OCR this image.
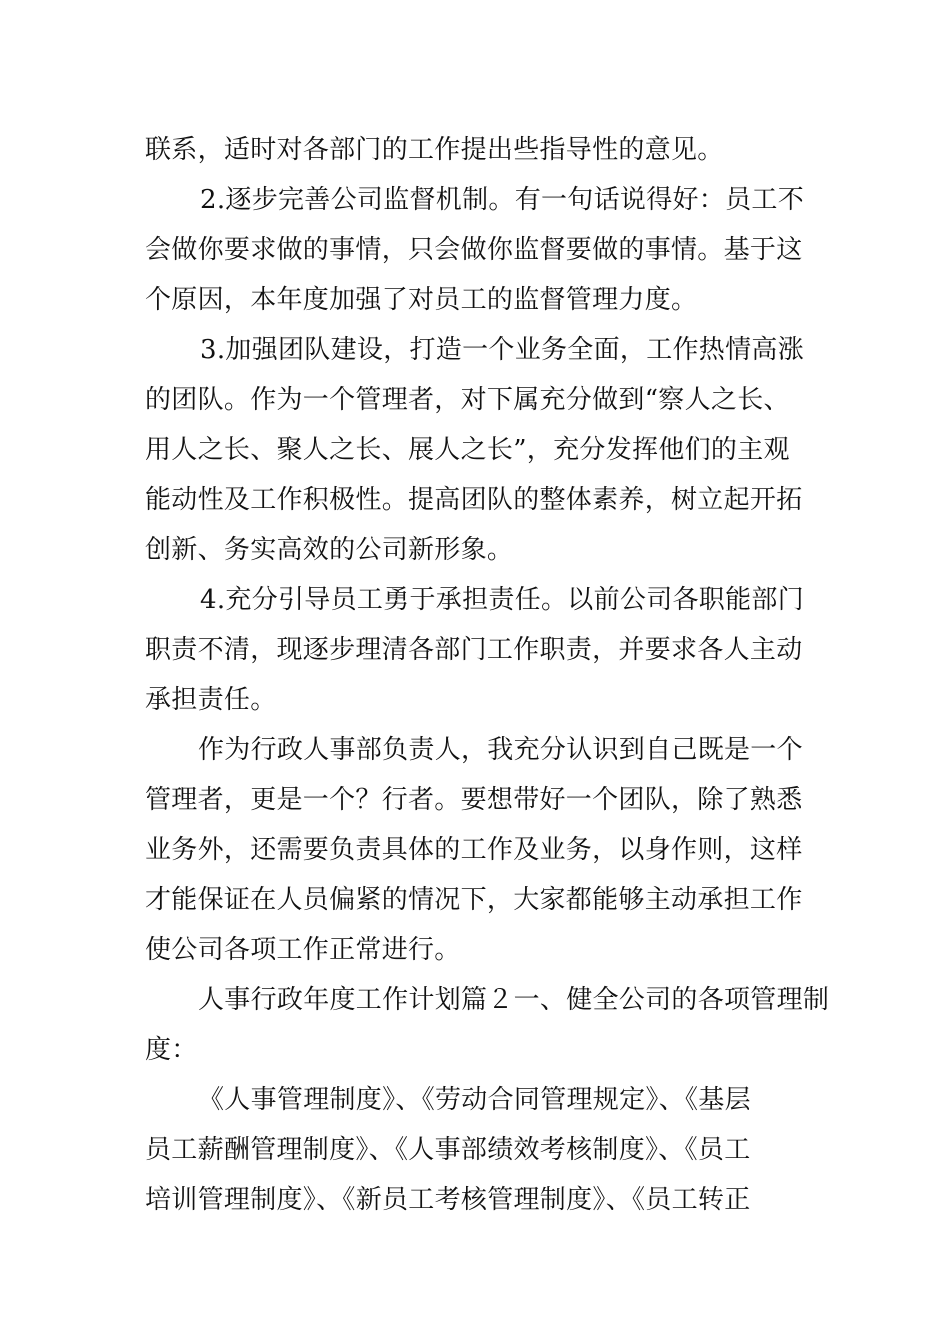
联系，适时对各部门的工作提出些指导性的意见。
2.逐步完善公司监督机制。有一句话说得好：员工不
会做你要求做的事情，只会做你监督要做的事情。基于这
个原因，本年度加强了对员工的监督管理力度。
3.加强团队建设，打造一个业务全面，工作热情高涨
的团队。作为一个管理者，对下属充分做到“察人之长、
用人之长、聚人之长、展人之长”，充分发挥他们的主观
能动性及工作积极性。提高团队的整体素养，树立起开拓
创新、务实高效的公司新形象。
4.充分引导员工勇于承担责任。以前公司各职能部门
职责不清，现逐步理清各部门工作职责，并要求各人主动
承担责任。
作为行政人事部负责人，我充分认识到自己既是一个
管理者，更是一个？行者。要想带好一个团队，除了熟悉
业务外，还需要负责具体的工作及业务，以身作则，这样
才能保证在人员偏紧的情况下，大家都能够主动承担工作
使公司各项工作正常进行。
人事行政年度工作计划篇２一、健全公司的各项管理制
度：
《人事管理制度》、《劳动合同管理规定》、《基层
员工薪酬管理制度》、《人事部绩效考核制度》、《员工
培训管理制度》、《新员工考核管理制度》、《员工转正
